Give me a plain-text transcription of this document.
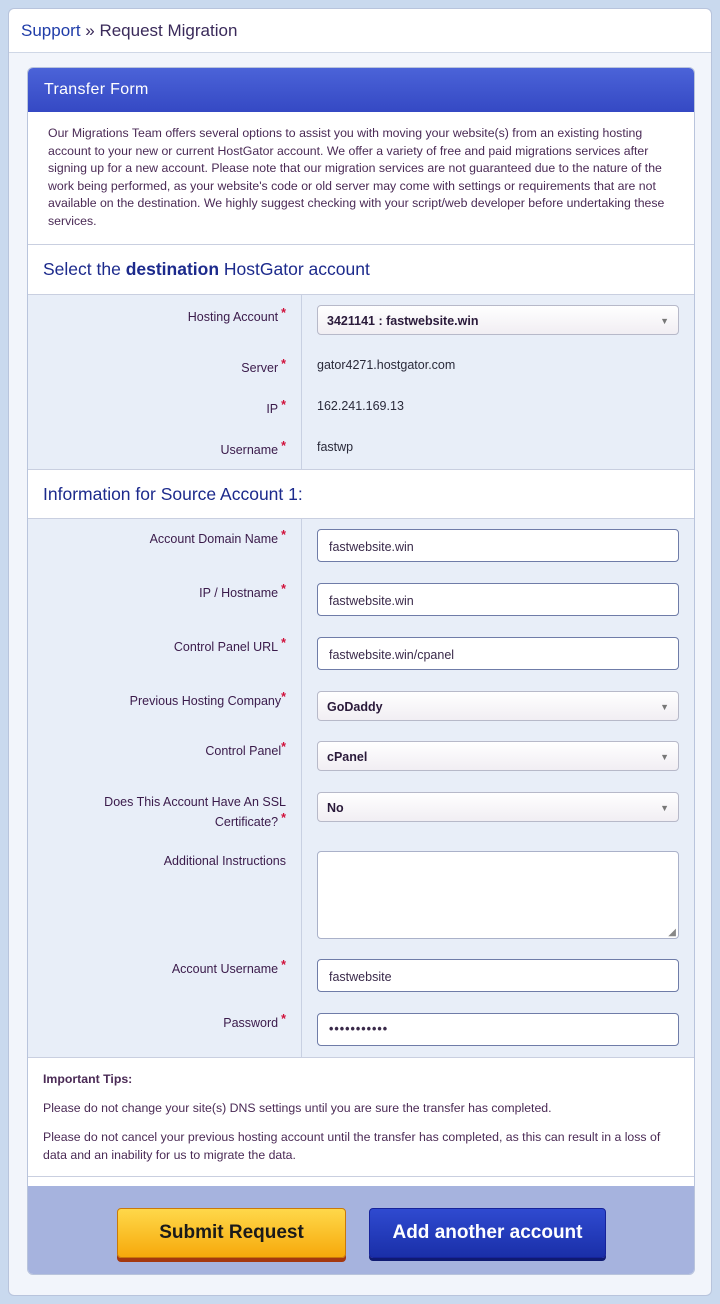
Support » Request Migration
Transfer Form
Our Migrations Team offers several options to assist you with moving your website(s) from an existing hosting account to your new or current HostGator account. We offer a variety of free and paid migrations services after signing up for a new account. Please note that our migration services are not guaranteed due to the nature of the work being performed, as your website's code or old server may come with settings or requirements that are not available on the destination. We highly suggest checking with your script/web developer before undertaking these services.
Select the destination HostGator account
Hosting Account *
3421141 : fastwebsite.win	▼
Server * gator4271.hostgator.com
IP * 162.241.169.13
Username * fastwp
Information for Source Account 1:
Account Domain Name *
fastwebsite.win
IP / Hostname *
fastwebsite.win
Control Panel URL *
fastwebsite.win/cpanel
Previous Hosting Company*
GoDaddy	▼
Control Panel*
cPanel	▼
Does This Account Have An SSL
Certificate? *
No	▼
Additional Instructions
◢
Account Username *
fastwebsite
Password *
•••••••••••
Important Tips:

Please do not change your site(s) DNS settings until you are sure the transfer has completed.

Please do not cancel your previous hosting account until the transfer has completed, as this can result in a loss of data and an inability for us to migrate the data.

Submit Request	Add another account
